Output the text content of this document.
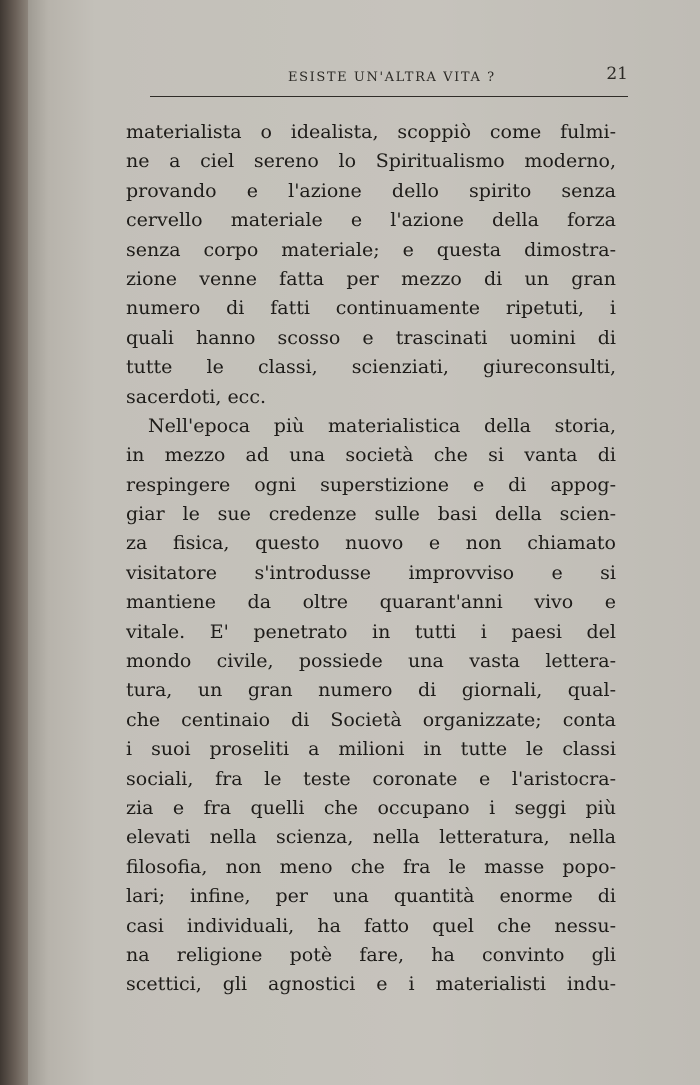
ESISTE UN'ALTRA VITA ?	21
materialista o idealista, scoppiò come fulmi-
ne a ciel sereno lo Spiritualismo moderno,
provando e l'azione dello spirito senza
cervello materiale e l'azione della forza
senza corpo materiale; e questa dimostra-
zione venne fatta per mezzo di un gran
numero di fatti continuamente ripetuti, i
quali hanno scosso e trascinati uomini di
tutte le classi, scienziati, giureconsulti,
sacerdoti, ecc.
Nell'epoca più materialistica della storia,
in mezzo ad una società che si vanta di
respingere ogni superstizione e di appog-
giar le sue credenze sulle basi della scien-
za fisica, questo nuovo e non chiamato
visitatore s'introdusse improvviso e si
mantiene da oltre quarant'anni vivo e
vitale. E' penetrato in tutti i paesi del
mondo civile, possiede una vasta lettera-
tura, un gran numero di giornali, qual-
che centinaio di Società organizzate; conta
i suoi proseliti a milioni in tutte le classi
sociali, fra le teste coronate e l'aristocra-
zia e fra quelli che occupano i seggi più
elevati nella scienza, nella letteratura, nella
filosofia, non meno che fra le masse popo-
lari; infine, per una quantità enorme di
casi individuali, ha fatto quel che nessu-
na religione potè fare, ha convinto gli
scettici, gli agnostici e i materialisti indu-
